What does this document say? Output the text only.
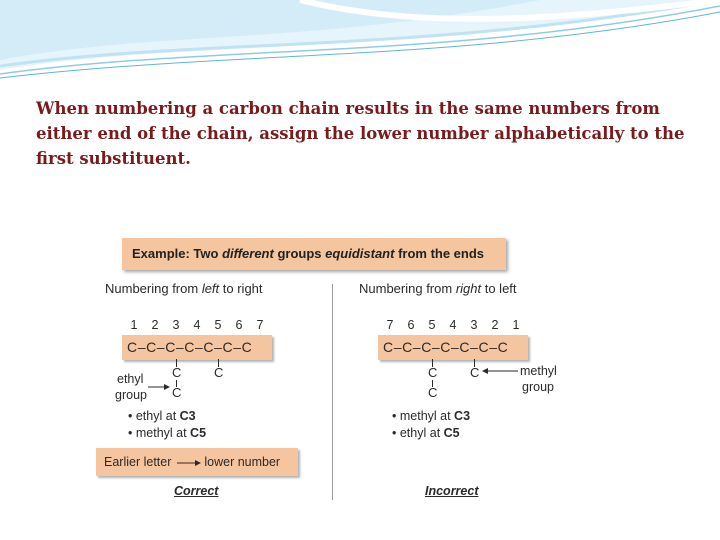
When numbering a carbon chain results in the same numbers from either end of the chain, assign the lower number alphabetically to the first substituent.

Example: Two different groups equidistant from the ends
Numbering from left to right
1	2	3	4	5	6	7
C–C–C–C–C–C–C
C
C
C
ethyl
group
• ethyl at C3
• methyl at C5
Earlier letter	lower number
Correct
Numbering from right to left
7	6	5	4	3	2	1
C–C–C–C–C–C–C
C
C
C	methyl
group
• methyl at C3
• ethyl at C5
Incorrect
